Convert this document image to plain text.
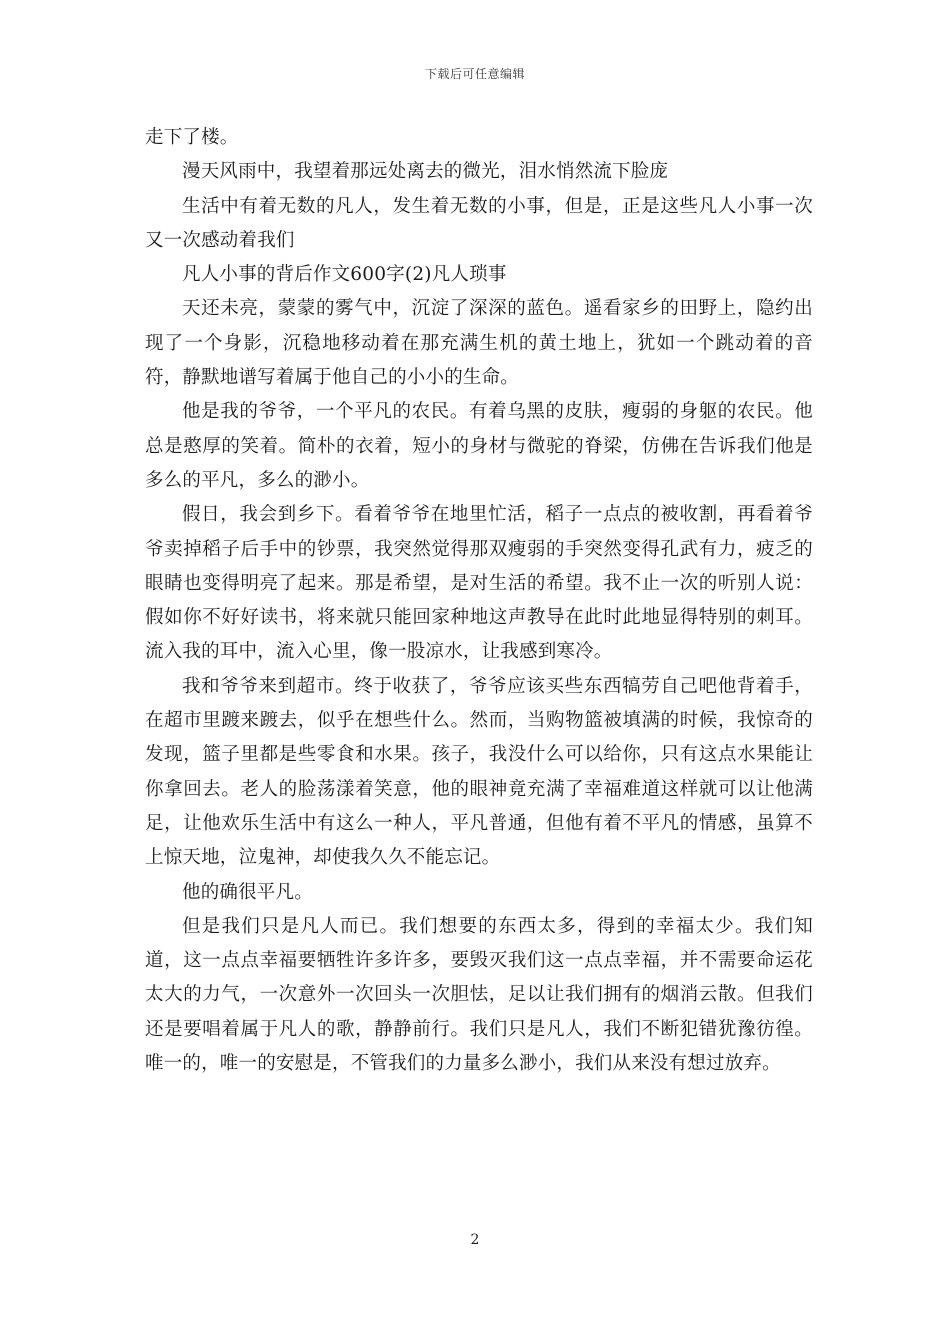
下载后可任意编辑

走下了楼。

漫天风雨中，我望着那远处离去的微光，泪水悄然流下脸庞

生活中有着无数的凡人，发生着无数的小事，但是，正是这些凡人小事一次又一次感动着我们

凡人小事的背后作文600字(2)凡人琐事

天还未亮，蒙蒙的雾气中，沉淀了深深的蓝色。遥看家乡的田野上，隐约出现了一个身影，沉稳地移动着在那充满生机的黄土地上，犹如一个跳动着的音符，静默地谱写着属于他自己的小小的生命。

他是我的爷爷，一个平凡的农民。有着乌黑的皮肤，瘦弱的身躯的农民。他总是憨厚的笑着。简朴的衣着，短小的身材与微驼的脊梁，仿佛在告诉我们他是多么的平凡，多么的渺小。

假日，我会到乡下。看着爷爷在地里忙活，稻子一点点的被收割，再看着爷爷卖掉稻子后手中的钞票，我突然觉得那双瘦弱的手突然变得孔武有力，疲乏的眼睛也变得明亮了起来。那是希望，是对生活的希望。我不止一次的听别人说：假如你不好好读书，将来就只能回家种地这声教导在此时此地显得特别的刺耳。流入我的耳中，流入心里，像一股凉水，让我感到寒冷。

我和爷爷来到超市。终于收获了，爷爷应该买些东西犒劳自己吧他背着手，在超市里踱来踱去，似乎在想些什么。然而，当购物篮被填满的时候，我惊奇的发现，篮子里都是些零食和水果。孩子，我没什么可以给你，只有这点水果能让你拿回去。老人的脸荡漾着笑意，他的眼神竟充满了幸福难道这样就可以让他满足，让他欢乐生活中有这么一种人，平凡普通，但他有着不平凡的情感，虽算不上惊天地，泣鬼神，却使我久久不能忘记。

他的确很平凡。

但是我们只是凡人而已。我们想要的东西太多，得到的幸福太少。我们知道，这一点点幸福要牺牲许多许多，要毁灭我们这一点点幸福，并不需要命运花太大的力气，一次意外一次回头一次胆怯，足以让我们拥有的烟消云散。但我们还是要唱着属于凡人的歌，静静前行。我们只是凡人，我们不断犯错犹豫彷徨。唯一的，唯一的安慰是，不管我们的力量多么渺小，我们从来没有想过放弃。

2
